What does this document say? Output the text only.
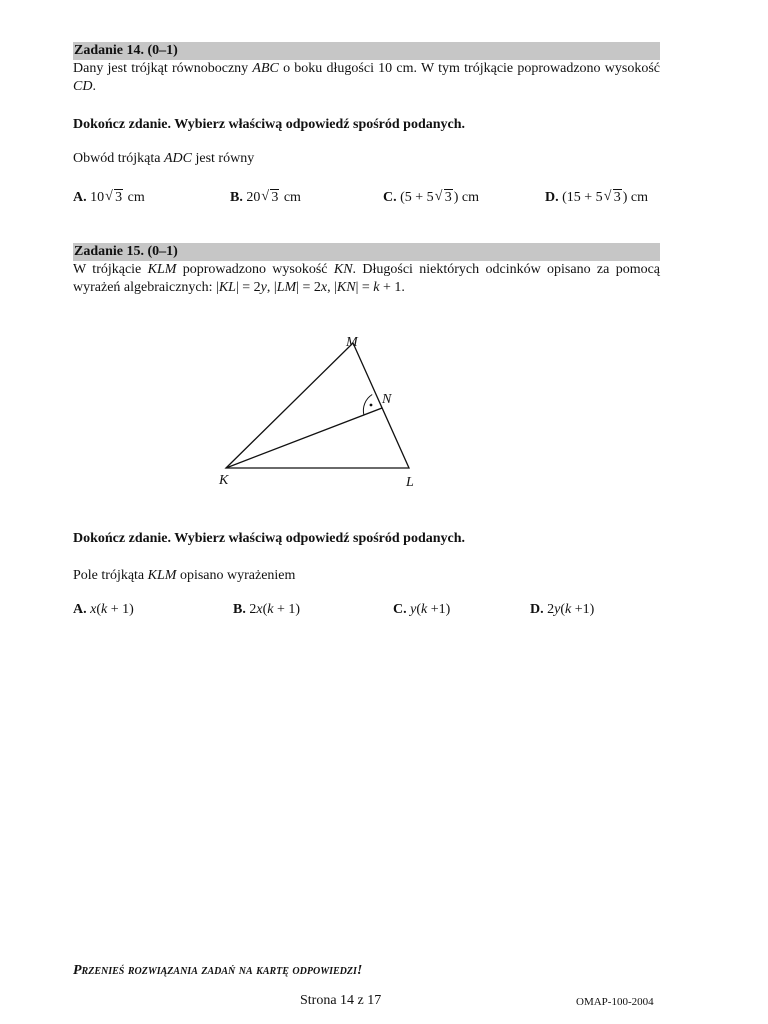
Zadanie 14. (0–1)
Dany jest trójkąt równoboczny ABC o boku długości 10 cm. W tym trójkącie poprowadzono wysokość CD.
Dokończ zdanie. Wybierz właściwą odpowiedź spośród podanych.
Obwód trójkąta ADC jest równy
A. 10 √ 3 cm	B. 20 √ 3 cm	C. (5 + 5 √ 3 ) cm	D. (15 + 5 √ 3 ) cm
Zadanie 15. (0–1)
W trójkącie KLM poprowadzono wysokość KN. Długości niektórych odcinków opisano za pomocą wyrażeń algebraicznych: |KL| = 2y, |LM| = 2x, |KN| = k + 1.
M
N
K	L
Dokończ zdanie. Wybierz właściwą odpowiedź spośród podanych.
Pole trójkąta KLM opisano wyrażeniem
A. x(k + 1)	B. 2x(k + 1)	C. y(k +1)	D. 2y(k +1)
Przenieś rozwiązania zadań na kartę odpowiedzi!
Strona 14 z 17	OMAP-100-2004
